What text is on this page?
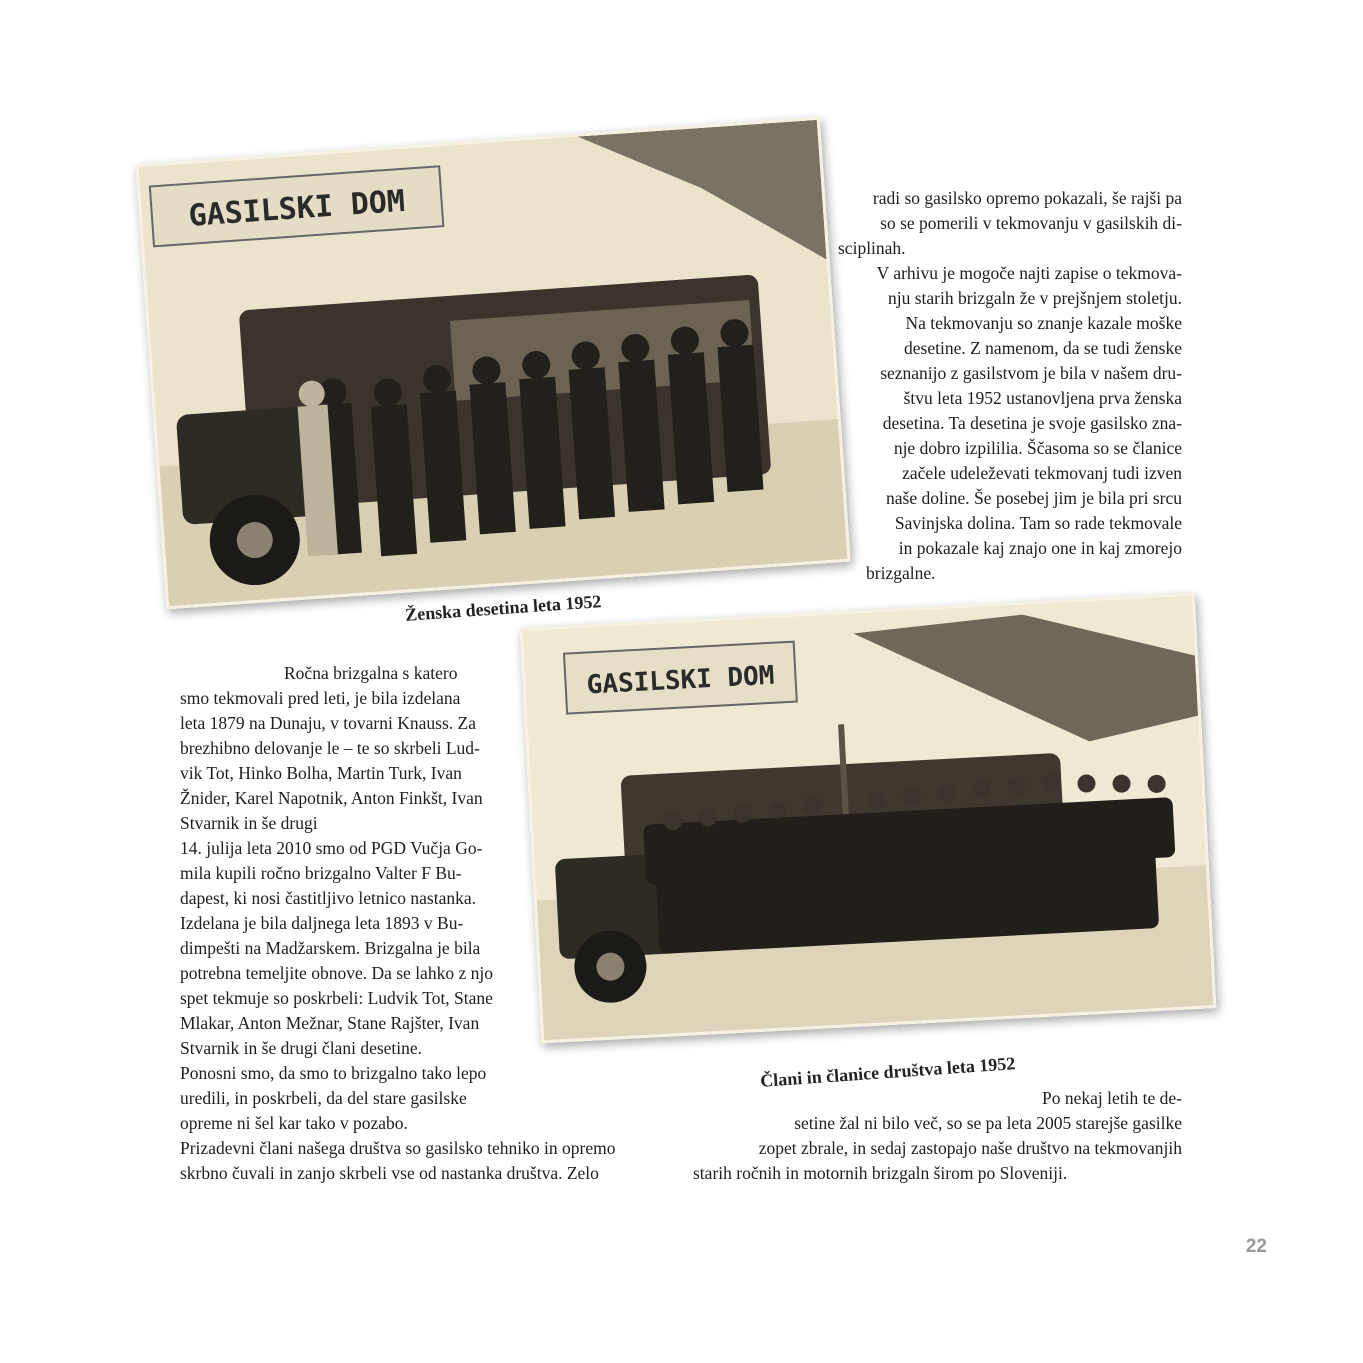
GASILSKI DOM
Ženska desetina leta 1952

radi so gasilsko opremo pokazali, še rajši pa

so se pomerili v tekmovanju v gasilskih di-

sciplinah.

V arhivu je mogoče najti zapise o tekmova-

nju starih brizgaln že v prejšnjem stoletju.

Na tekmovanju so znanje kazale moške

desetine. Z namenom, da se tudi ženske

seznanijo z gasilstvom je bila v našem dru-

štvu leta 1952 ustanovljena prva ženska

desetina. Ta desetina je svoje gasilsko zna-

nje dobro izpililia. Ščasoma so se članice

začele udeleževati tekmovanj tudi izven

naše doline. Še posebej jim je bila pri srcu

Savinjska dolina. Tam so rade tekmovale

in pokazale kaj znajo one in kaj zmorejo

brizgalne.

GASILSKI DOM
Člani in članice društva leta 1952

Ročna brizgalna s katero

smo tekmovali pred leti, je bila izdelana

leta 1879 na Dunaju, v tovarni Knauss. Za

brezhibno delovanje le – te so skrbeli Lud-

vik Tot, Hinko Bolha, Martin Turk, Ivan

Žnider, Karel Napotnik, Anton Finkšt, Ivan

Stvarnik in še drugi

14. julija leta 2010 smo od PGD Vučja Go-

mila kupili ročno brizgalno Valter F Bu-

dapest, ki nosi častitljivo letnico nastanka.

Izdelana je bila daljnega leta 1893 v Bu-

dimpešti na Madžarskem. Brizgalna je bila

potrebna temeljite obnove. Da se lahko z njo

spet tekmuje so poskrbeli: Ludvik Tot, Stane

Mlakar, Anton Mežnar, Stane Rajšter, Ivan

Stvarnik in še drugi člani desetine.

Ponosni smo, da smo to brizgalno tako lepo

uredili, in poskrbeli, da del stare gasilske

opreme ni šel kar tako v pozabo.

Prizadevni člani našega društva so gasilsko tehniko in opremo

skrbno čuvali in zanjo skrbeli vse od nastanka društva. Zelo

Po nekaj letih te de-

setine žal ni bilo več, so se pa leta 2005 starejše gasilke

zopet zbrale, in sedaj zastopajo naše društvo na tekmovanjih

starih ročnih in motornih brizgaln širom po Sloveniji.

22
